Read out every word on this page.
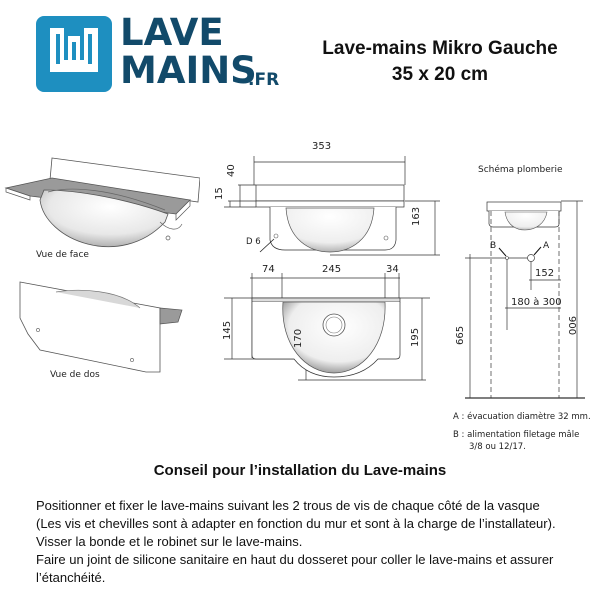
LAVE
MAINS
.FR
Lave-mains Mikro Gauche
35 x 20 cm
Vue de face
Vue de dos
353
40
15
163
D 6
74	245	34
145	170	195
Schéma plomberie
B	A
152
180 à 300
665
900
A : évacuation diamètre 32 mm.
B : alimentation filetage mâle
3/8 ou 12/17.
Conseil pour l’installation du Lave-mains

Positionner et fixer le lave-mains suivant les 2 trous de vis de chaque côté de la vasque

(Les vis et chevilles sont à adapter en fonction du mur et sont à la charge de l’installateur).

Visser la bonde et le robinet sur le lave-mains.

Faire un joint de silicone sanitaire en haut du dosseret pour coller le lave-mains et assurer

l’étanchéité.
